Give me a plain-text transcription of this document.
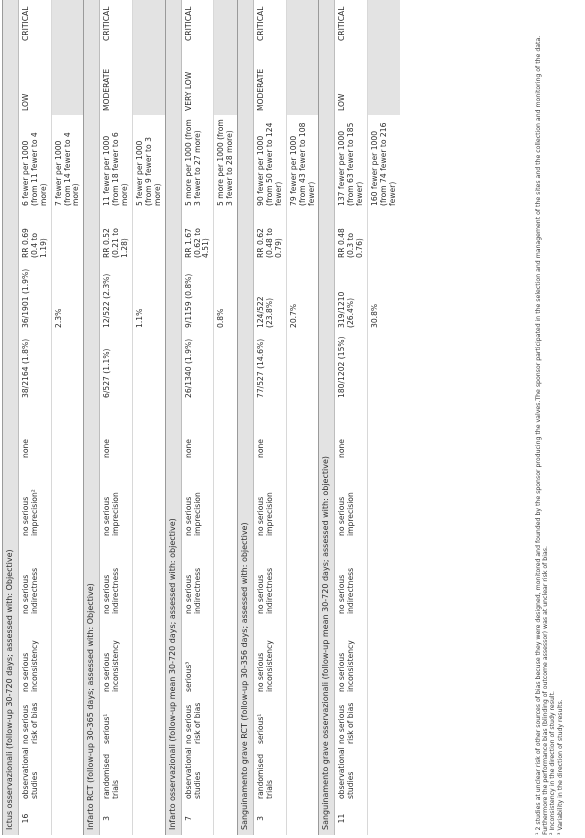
Ictus osservazionali (follow-up 30-720 days; assessed with: Objective)												
16	observational studies	no serious risk of bias	no serious inconsistency	no serious indirectness	no serious imprecision²	none	38/2164 (1.8%)	36/1901 (1.9%)	RR 0.69 (0.4 to 1.19)	6 fewer per 1000 (from 11 fewer to 4 more)	LOW	CRITICAL
								2.3%		7 fewer per 1000 (from 14 fewer to 4 more)		
Infarto RCT (follow-up 30-365 days; assessed with: Objective)												
3	randomised trials	serious¹	no serious inconsistency	no serious indirectness	no serious imprecision	none	6/527 (1.1%)	12/522 (2.3%)	RR 0.52 (0.21 to 1.28)	11 fewer per 1000 (from 18 fewer to 6 more)	MODERATE	CRITICAL
								1.1%		5 fewer per 1000 (from 9 fewer to 3 more)		
Infarto osservazionali (follow-up mean 30-720 days; assessed with: objective)												
7	observational studies	no serious risk of bias	serious³	no serious indirectness	no serious imprecision	none	26/1340 (1.9%)	9/1159 (0.8%)	RR 1.67 (0.62 to 4.51)	5 more per 1000 (from 3 fewer to 27 more)	VERY LOW	CRITICAL
								0.8%		5 more per 1000 (from 3 fewer to 28 more)		
Sanguinamento grave RCT (follow-up 30-356 days; assessed with: objective)												
3	randomised trials	serious¹	no serious inconsistency	no serious indirectness	no serious imprecision	none	77/527 (14.6%)	124/522 (23.8%)	RR 0.62 (0.48 to 0.79)	90 fewer per 1000 (from 50 fewer to 124 fewer)	MODERATE	CRITICAL
								20.7%		79 fewer per 1000 (from 43 fewer to 108 fewer)		
Sanguinamento grave osservazionali (follow-up mean 30-720 days; assessed with: objective)												
11	observational studies	no serious risk of bias	no serious inconsistency	no serious indirectness	no serious imprecision	none	180/1202 (15%)	319/1210 (26.4%)	RR 0.48 (0.3 to 0.76)	137 fewer per 1000 (from 63 fewer to 185 fewer)	LOW	CRITICAL
								30.8%		160 fewer per 1000 (from 74 fewer to 216 fewer)			¹ 2 studies at unclear risk of other sources of bias becuse they were designed, monitored and founded by the sponsor producing the valves.The sponsor participated in the selection and management of the sites and the collection and monitoring of the data. Furthermore the performance bias (blinding of outcome assessor) was at unclear risk of bias. ² Inconsistency in the direction of study result. ³ Variability in the direction of study results.
